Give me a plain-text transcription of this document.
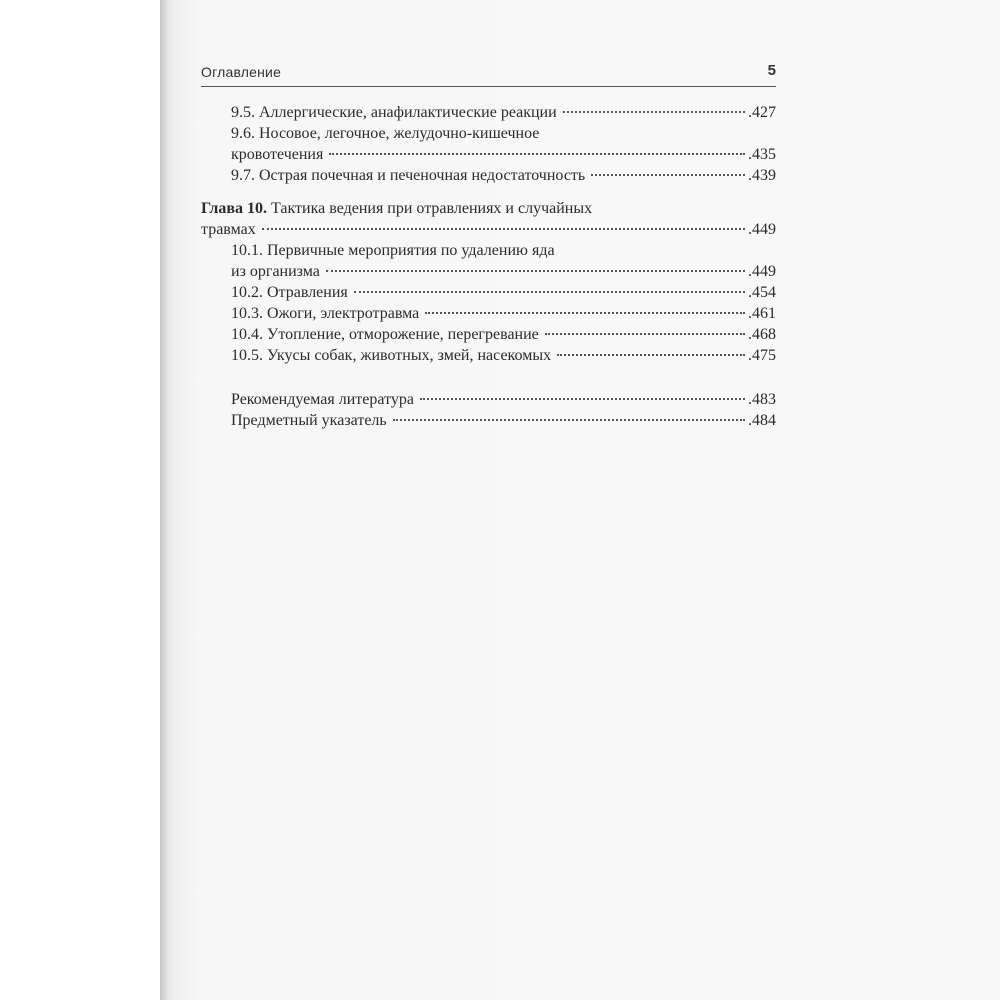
Оглавление	5
9.5. Аллергические, анафилактические реакции	.427
9.6. Носовое, легочное, желудочно-кишечное
кровотечения	.435
9.7. Острая почечная и печеночная недостаточность	.439
Глава 10. Тактика ведения при отравлениях и случайных
травмах	.449
10.1. Первичные мероприятия по удалению яда
из организма	.449
10.2. Отравления	.454
10.3. Ожоги, электротравма	.461
10.4. Утопление, отморожение, перегревание	.468
10.5. Укусы собак, животных, змей, насекомых	.475
Рекомендуемая литература	.483
Предметный указатель	.484
